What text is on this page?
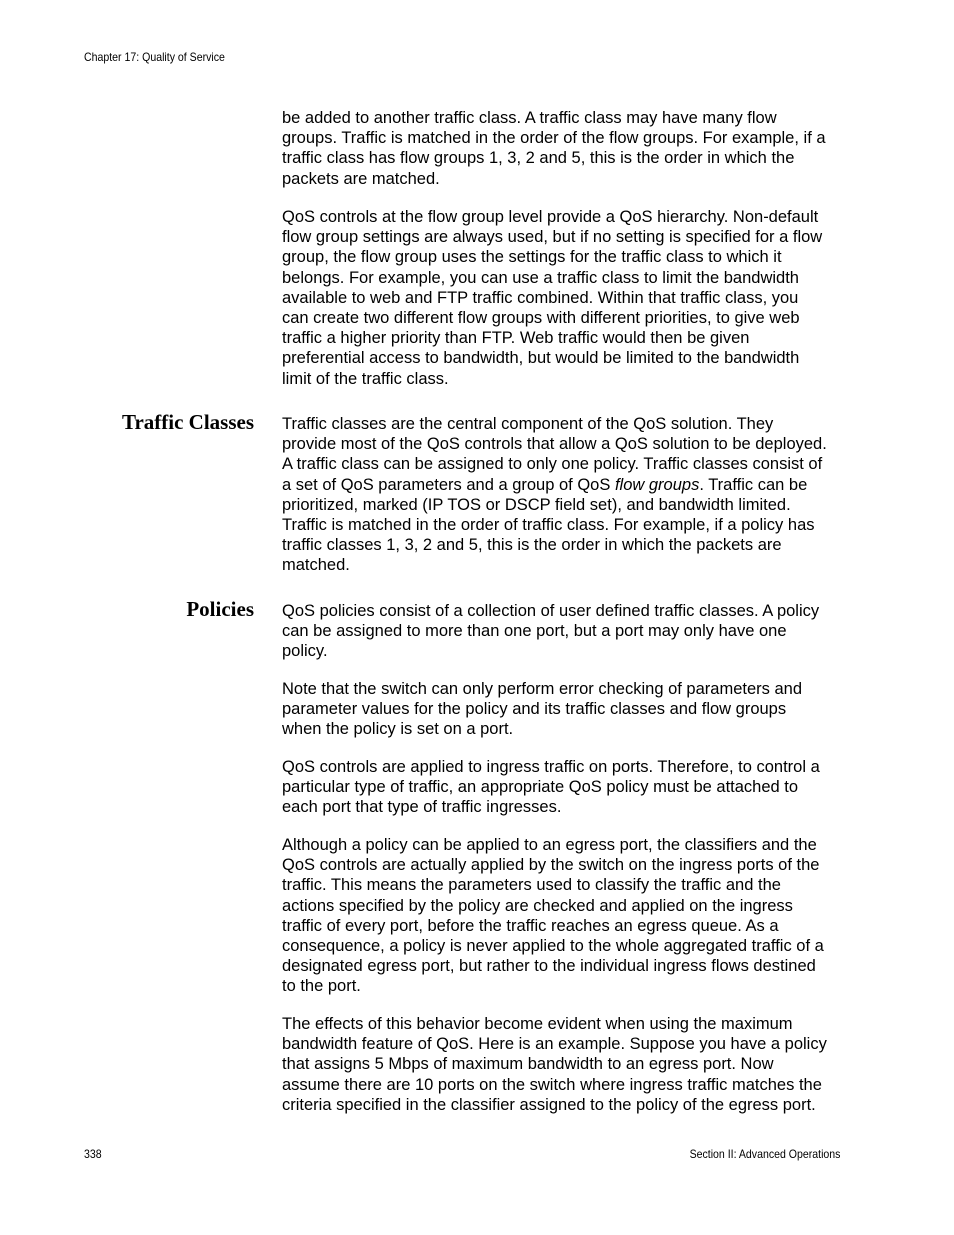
Chapter 17: Quality of Service

be added to another traffic class. A traffic class may have many flow
groups. Traffic is matched in the order of the flow groups. For example, if a
traffic class has flow groups 1, 3, 2 and 5, this is the order in which the
packets are matched.

QoS controls at the flow group level provide a QoS hierarchy. Non-default
flow group settings are always used, but if no setting is specified for a flow
group, the flow group uses the settings for the traffic class to which it
belongs. For example, you can use a traffic class to limit the bandwidth
available to web and FTP traffic combined. Within that traffic class, you
can create two different flow groups with different priorities, to give web
traffic a higher priority than FTP. Web traffic would then be given
preferential access to bandwidth, but would be limited to the bandwidth
limit of the traffic class.

Traffic Classes Traffic classes are the central component of the QoS solution. They
provide most of the QoS controls that allow a QoS solution to be deployed.
A traffic class can be assigned to only one policy. Traffic classes consist of
a set of QoS parameters and a group of QoS flow groups. Traffic can be
prioritized, marked (IP TOS or DSCP field set), and bandwidth limited.
Traffic is matched in the order of traffic class. For example, if a policy has
traffic classes 1, 3, 2 and 5, this is the order in which the packets are
matched.

Policies QoS policies consist of a collection of user defined traffic classes. A policy
can be assigned to more than one port, but a port may only have one
policy.

Note that the switch can only perform error checking of parameters and
parameter values for the policy and its traffic classes and flow groups
when the policy is set on a port.

QoS controls are applied to ingress traffic on ports. Therefore, to control a
particular type of traffic, an appropriate QoS policy must be attached to
each port that type of traffic ingresses.

Although a policy can be applied to an egress port, the classifiers and the
QoS controls are actually applied by the switch on the ingress ports of the
traffic. This means the parameters used to classify the traffic and the
actions specified by the policy are checked and applied on the ingress
traffic of every port, before the traffic reaches an egress queue. As a
consequence, a policy is never applied to the whole aggregated traffic of a
designated egress port, but rather to the individual ingress flows destined
to the port.

The effects of this behavior become evident when using the maximum
bandwidth feature of QoS. Here is an example. Suppose you have a policy
that assigns 5 Mbps of maximum bandwidth to an egress port. Now
assume there are 10 ports on the switch where ingress traffic matches the
criteria specified in the classifier assigned to the policy of the egress port.

338	Section II: Advanced Operations
